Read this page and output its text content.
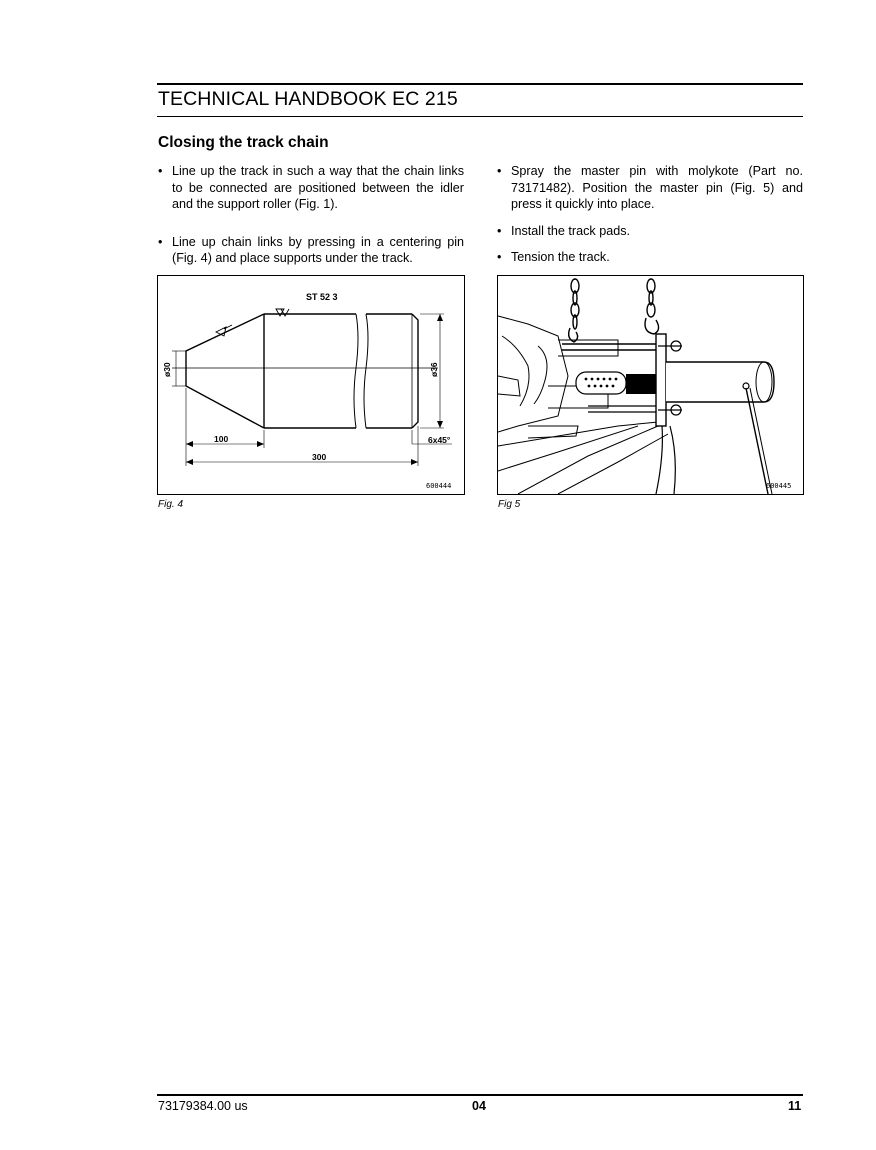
TECHNICAL HANDBOOK EC 215
Closing the track chain
• Line up the track in such a way that the chain links to be connected are positioned between the idler and the support roller (Fig. 1).
• Line up chain links by pressing in a centering pin (Fig. 4) and place supports under the track.
• Spray the master pin with molykote (Part no. 73171482). Position the master pin (Fig. 5) and press it quickly into place.
• Install the track pads.
• Tension the track.
ST 52 3
ø30	ø36
100
300
6x45°
600444
Fig. 4
600445
Fig 5
73179384.00 us	04	11
